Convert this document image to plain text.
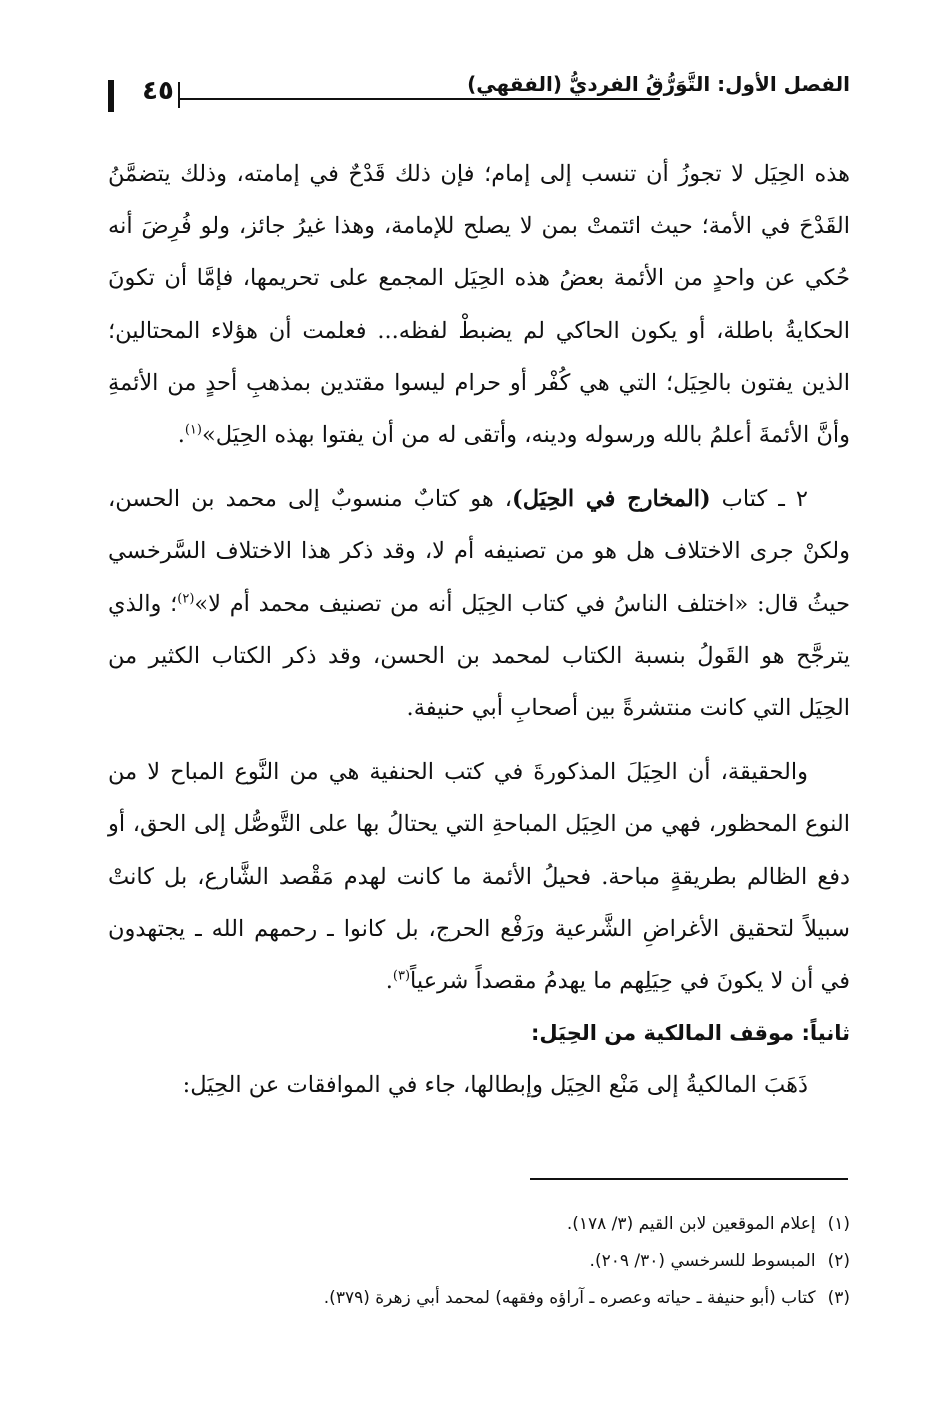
٤٥	الفصل الأول: التَّوَرُّقُ الفرديُّ (الفقهي)

هذه الحِيَل لا تجوزُ أن تنسب إلى إمام؛ فإن ذلك قَدْحٌ في إمامته، وذلك يتضمَّنُ القَدْحَ في الأمة؛ حيث ائتمتْ بمن لا يصلح للإمامة، وهذا غيرُ جائز، ولو فُرِضَ أنه حُكي عن واحدٍ من الأئمة بعضُ هذه الحِيَل المجمع على تحريمها، فإمَّا أن تكونَ الحكايةُ باطلة، أو يكون الحاكي لم يضبطْ لفظه... فعلمت أن هؤلاء المحتالين؛ الذين يفتون بالحِيَل؛ التي هي كُفْر أو حرام ليسوا مقتدين بمذهبِ أحدٍ من الأئمةِ وأنَّ الأئمةَ أعلمُ بالله ورسوله ودينه، وأتقى له من أن يفتوا بهذه الحِيَل»$^{(١)}$.

٢ ـ كتاب (المخارج في الحِيَل)، هو كتابٌ منسوبٌ إلى محمد بن الحسن، ولكنْ جرى الاختلاف هل هو من تصنيفه أم لا، وقد ذكر هذا الاختلاف السَّرخسي حيثُ قال: «اختلف الناسُ في كتاب الحِيَل أنه من تصنيف محمد أم لا»$^{(٢)}$؛ والذي يترجَّح هو القَولُ بنسبة الكتاب لمحمد بن الحسن، وقد ذكر الكتاب الكثير من الحِيَل التي كانت منتشرةً بين أصحابِ أبي حنيفة.

والحقيقة، أن الحِيَلَ المذكورةَ في كتب الحنفية هي من النَّوع المباح لا من النوع المحظور، فهي من الحِيَل المباحةِ التي يحتالُ بها على التَّوصُّل إلى الحق، أو دفع الظالم بطريقةٍ مباحة. فحيلُ الأئمة ما كانت لهدم مَقْصد الشَّارع، بل كانتْ سبيلاً لتحقيق الأغراضِ الشَّرعية ورَفْع الحرج، بل كانوا ـ رحمهم الله ـ يجتهدون في أن لا يكونَ في حِيَلِهم ما يهدمُ مقصداً شرعياً$^{(٣)}$.

ثانياً: موقف المالكية من الحِيَل:

ذَهَبَ المالكيةُ إلى مَنْع الحِيَل وإبطالها، جاء في الموافقات عن الحِيَل:

(١)إعلام الموقعين لابن القيم (٣/ ١٧٨).
(٢)المبسوط للسرخسي (٣٠/ ٢٠٩).
(٣)كتاب (أبو حنيفة ـ حياته وعصره ـ آراؤه وفقهه) لمحمد أبي زهرة (٣٧٩).
